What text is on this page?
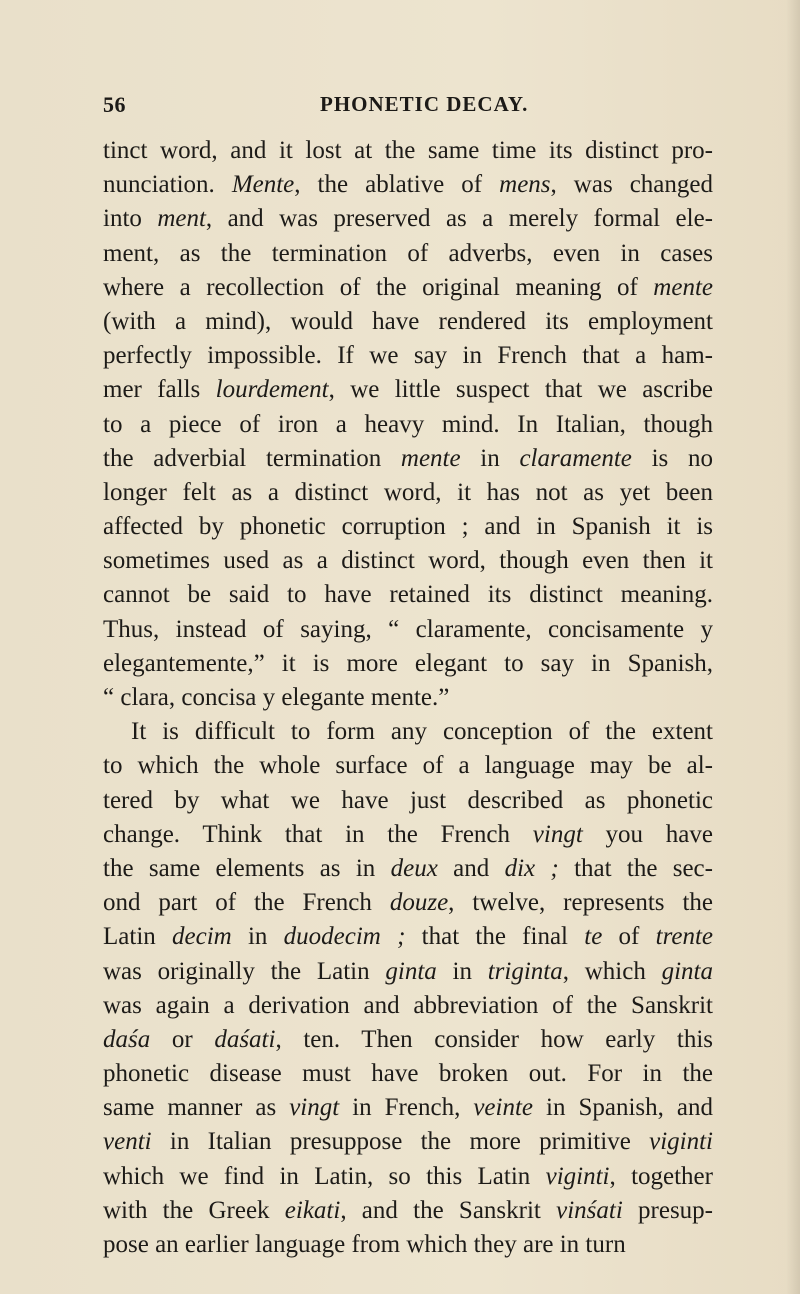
56	PHONETIC DECAY.
tinct word, and it lost at the same time its distinct pro-
nunciation. Mente, the ablative of mens, was changed
into ment, and was preserved as a merely formal ele-
ment, as the termination of adverbs, even in cases
where a recollection of the original meaning of mente
(with a mind), would have rendered its employment
perfectly impossible. If we say in French that a ham-
mer falls lourdement, we little suspect that we ascribe
to a piece of iron a heavy mind. In Italian, though
the adverbial termination mente in claramente is no
longer felt as a distinct word, it has not as yet been
affected by phonetic corruption ; and in Spanish it is
sometimes used as a distinct word, though even then it
cannot be said to have retained its distinct meaning.
Thus, instead of saying, “ claramente, concisamente y
elegantemente,” it is more elegant to say in Spanish,
“ clara, concisa y elegante mente.”
It is difficult to form any conception of the extent
to which the whole surface of a language may be al-
tered by what we have just described as phonetic
change. Think that in the French vingt you have
the same elements as in deux and dix ; that the sec-
ond part of the French douze, twelve, represents the
Latin decim in duodecim ; that the final te of trente
was originally the Latin ginta in triginta, which ginta
was again a derivation and abbreviation of the Sanskrit
daśa or daśati, ten. Then consider how early this
phonetic disease must have broken out. For in the
same manner as vingt in French, veinte in Spanish, and
venti in Italian presuppose the more primitive viginti
which we find in Latin, so this Latin viginti, together
with the Greek eikati, and the Sanskrit vinśati presup-
pose an earlier language from which they are in turn
